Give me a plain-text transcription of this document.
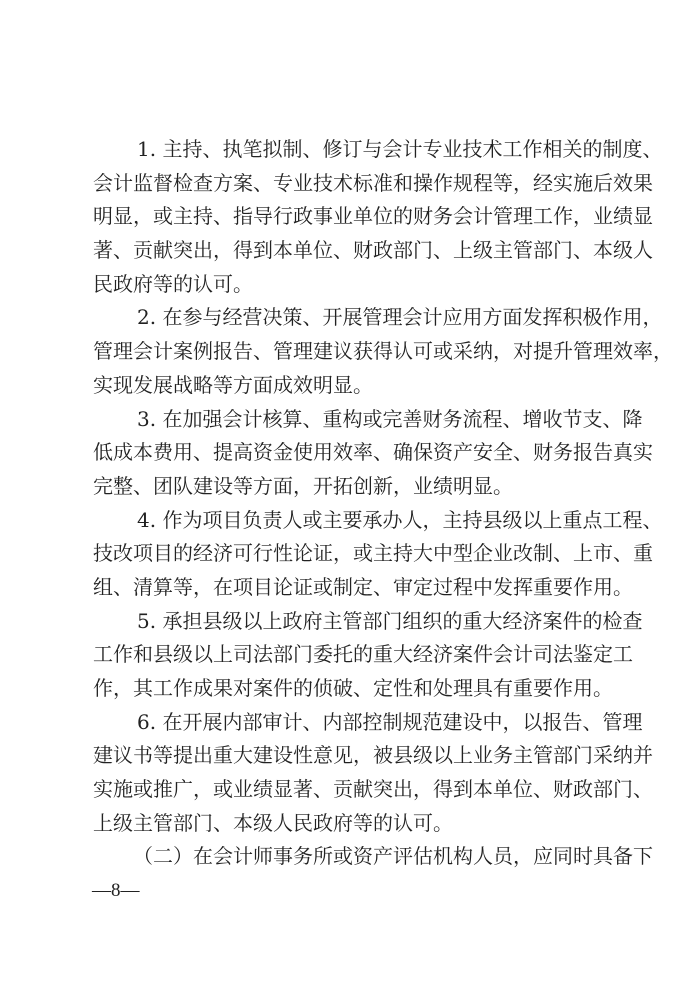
1. 主持、执笔拟制、修订与会计专业技术工作相关的制度、
会计监督检查方案、专业技术标准和操作规程等，经实施后效果
明显，或主持、指导行政事业单位的财务会计管理工作，业绩显
著、贡献突出，得到本单位、财政部门、上级主管部门、本级人
民政府等的认可。
2. 在参与经营决策、开展管理会计应用方面发挥积极作用，
管理会计案例报告、管理建议获得认可或采纳，对提升管理效率，
实现发展战略等方面成效明显。
3. 在加强会计核算、重构或完善财务流程、增收节支、降
低成本费用、提高资金使用效率、确保资产安全、财务报告真实
完整、团队建设等方面，开拓创新，业绩明显。
4. 作为项目负责人或主要承办人，主持县级以上重点工程、
技改项目的经济可行性论证，或主持大中型企业改制、上市、重
组、清算等，在项目论证或制定、审定过程中发挥重要作用。
5. 承担县级以上政府主管部门组织的重大经济案件的检查
工作和县级以上司法部门委托的重大经济案件会计司法鉴定工
作，其工作成果对案件的侦破、定性和处理具有重要作用。
6. 在开展内部审计、内部控制规范建设中，以报告、管理
建议书等提出重大建设性意见，被县级以上业务主管部门采纳并
实施或推广，或业绩显著、贡献突出，得到本单位、财政部门、
上级主管部门、本级人民政府等的认可。
（二）在会计师事务所或资产评估机构人员，应同时具备下
—8—
